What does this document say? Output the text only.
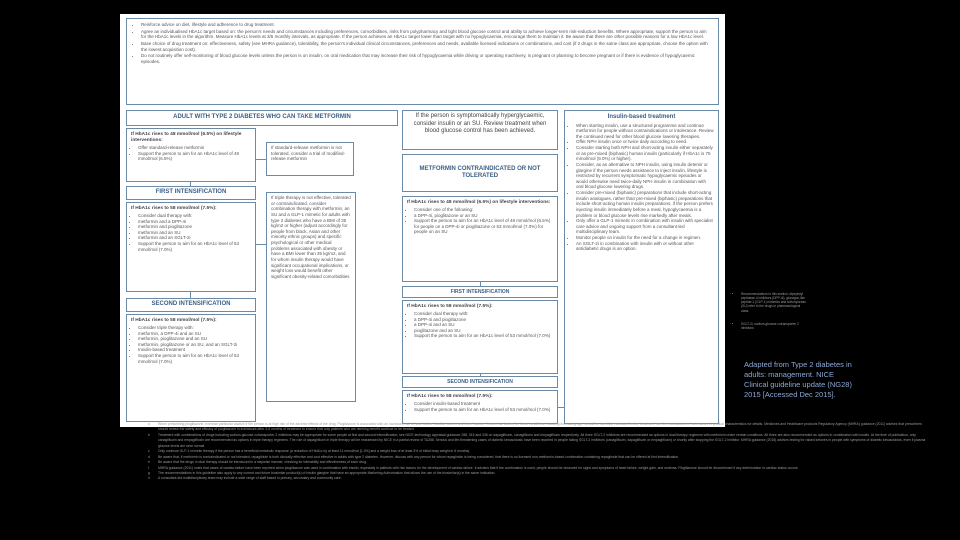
• Reinforce advice on diet, lifestyle and adherence to drug treatment.
• Agree an individualised HbA1c target based on: the person's needs and circumstances including preferences, comorbidities, risks from polypharmacy and tight blood glucose control and ability to achieve longer-term risk-reduction benefits. Where appropriate, support the person to aim for the HbA1c levels in the algorithm. Measure HbA1c levels at 3/6 monthly intervals, as appropriate. If the person achieves an HbA1c target lower than target with no hypoglycaemia, encourage them to maintain it. Be aware that there are other possible reasons for a low HbA1c level.
• Base choice of drug treatment on: effectiveness, safety (see MHRA guidance), tolerability, the person's individual clinical circumstances, preferences and needs, available licensed indications or combinations, and cost (if 2 drugs in the same class are appropriate, choose the option with the lowest acquisition cost).
• Do not routinely offer self-monitoring of blood glucose levels unless the person is on insulin, on oral medication that may increase their risk of hypoglycaemia while driving or operating machinery, is pregnant or planning to become pregnant or if there is evidence of hypoglycaemic episodes.
ADULT WITH TYPE 2 DIABETES WHO CAN TAKE METFORMIN
If HbA1c rises to 48 mmol/mol (6.5%) on lifestyle interventions:
• Offer standard-release metformin
• Support the person to aim for an HbA1c level of 48 mmol/mol (6.5%)
If standard-release metformin is not tolerated, consider a trial of modified-release metformin
FIRST INTENSIFICATION
If HbA1c rises to 58 mmol/mol (7.5%):
• Consider dual therapy with:
• metformin and a DPP-4i
• metformin and pioglitazone
• metformin and an SU
• metformin and an SGLT-2i
• Support the person to aim for an HbA1c level of 53 mmol/mol (7.0%)
If triple therapy is not effective, tolerated or contraindicated, consider combination therapy with metformin, an SU and a GLP-1 mimetic for adults with type 2 diabetes who have a BMI of 35 kg/m2 or higher (adjust accordingly for people from black, Asian and other minority ethnic groups) and specific psychological or other medical problems associated with obesity or have a BMI lower than 35 kg/m2, and for whom insulin therapy would have significant occupational implications, or weight loss would benefit other significant obesity-related comorbidities
SECOND INTENSIFICATION
If HbA1c rises to 58 mmol/mol (7.5%):
• Consider triple therapy with:
• metformin, a DPP-4i and an SU
• metformin, pioglitazone and an SU
• metformin, pioglitazone or an SU, and an SGLT-2i
• Insulin-based treatment
• Support the person to aim for an HbA1c level of 53 mmol/mol (7.0%)
If the person is symptomatically hyperglycaemic, consider insulin or an SU. Review treatment when blood glucose control has been achieved.
METFORMIN CONTRAINDICATED OR NOT TOLERATED
If HbA1c rises to 48 mmol/mol (6.5%) on lifestyle interventions:
• Consider one of the following:
• a DPP-4i, pioglitazone or an SU
• Support the person to aim for an HbA1c level of 48 mmol/mol (6.5%) for people on a DPP-4i or pioglitazone or 53 mmol/mol (7.0%) for people on an SU
FIRST INTENSIFICATION
If HbA1c rises to 58 mmol/mol (7.5%):
• Consider dual therapy with:
• a DPP-4i and pioglitazone
• a DPP-4i and an SU
• pioglitazone and an SU
• Support the person to aim for an HbA1c level of 53 mmol/mol (7.0%)
SECOND INTENSIFICATION
If HbA1c rises to 58 mmol/mol (7.5%):
• Consider insulin-based treatment
• Support the person to aim for an HbA1c level of 53 mmol/mol (7.0%)
Insulin-based treatment
• When starting insulin, use a structured programme and continue metformin for people without contraindications or intolerance. Review the continued need for other blood glucose lowering therapies.
• Offer NPH insulin once or twice daily according to need.
• Consider starting both NPH and short-acting insulin either separately or as pre-mixed (biphasic) human insulin (particularly if HbA1c is 75 mmol/mol (9.0%) or higher).
• Consider, as an alternative to NPH insulin, using insulin detemir or glargine if the person needs assistance to inject insulin, lifestyle is restricted by recurrent symptomatic hypoglycaemic episodes or would otherwise need twice-daily NPH insulin in combination with oral blood glucose lowering drugs.
• Consider pre-mixed (biphasic) preparations that include short-acting insulin analogues, rather than pre-mixed (biphasic) preparations that include short-acting human insulin preparations, if the person prefers injecting insulin immediately before a meal, hypoglycaemia is a problem or blood glucose levels rise markedly after meals.
• Only offer a GLP-1 mimetic in combination with insulin with specialist care advice and ongoing support from a consultant-led multidisciplinary team.
• Monitor people on insulin for the need for a change in regimen.
• An SGLT-2i in combination with insulin with or without other antidiabetic drugs is an option.
• Recommendations in this section: dipeptidyl peptidase-4 inhibitors (DPP-4i), glucagon-like peptide-1 (GLP-1) mimetics and sulfonylureas (SU) refer to the drugs in pharmacological class.
• SGLT-2i, sodium-glucose cotransporter 2 inhibitors
Adapted from Type 2 diabetes in adults: management. NICE Clinical guideline update (NG28) 2015 [Accessed Dec 2015].
a	When prescribing pioglitazone, exercise particular caution if the person is at high risk of the adverse effects of the drug. Pioglitazone is associated with an increased risk of heart failure, bladder cancer and bone fracture. Known risk factors for these conditions, including increasing age, should be carefully evaluated before treatment: see the manufacturers' summaries of product characteristics for details. Medicines and Healthcare products Regulatory Agency (MHRA) guidance (2011) advises that prescribers should review the safety and efficacy of pioglitazone in individuals after 3-6 months of treatment to ensure that only patients who are deriving benefit continue to be treated.
b	Treatment with combinations of drugs including sodium-glucose cotransporter 2 inhibitors may be appropriate for some people at first and second intensification; see NICE technology appraisal guidance 288, 315 and 336 on dapagliflozin, canagliflozin and empagliflozin respectively. All three SGLT-2 inhibitors are recommended as options in dual therapy regimens with metformin under certain conditions. All three are also recommended as options in combination with insulin. At the time of publication, only canagliflozin and empagliflozin are recommended as options in triple therapy regimens. The role of dapagliflozin in triple therapy will be reassessed by NICE in a partial review of TA288. Serious and life-threatening cases of diabetic ketoacidosis have been reported in people taking SGLT-2 inhibitors (canagliflozin, dapagliflozin or empagliflozin) or shortly after stopping the SGLT-2 inhibitor. MHRA guidance (2015) advises testing for raised ketones in people with symptoms of diabetic ketoacidosis, even if plasma glucose levels are near normal.
c	Only continue GLP-1 mimetic therapy if the person has a beneficial metabolic response (a reduction of HbA1c by at least 11 mmol/mol [1.0%] and a weight loss of at least 3% of initial body weight in 6 months).
d	Be aware that, if metformin is contraindicated or not tolerated, repaglinide is both clinically effective and cost effective in adults with type 2 diabetes. However, discuss with any person for whom repaglinide is being considered, that there is no licensed non-metformin-based combination containing repaglinide that can be offered at first intensification.
e	Be aware that the drugs in dual therapy should be introduced in a stepwise manner, checking for tolerability and effectiveness of each drug.
f	MHRA guidance (2011) notes that cases of cardiac failure have been reported when pioglitazone was used in combination with insulin, especially in patients with risk factors for the development of cardiac failure. It advises that if the combination is used, people should be observed for signs and symptoms of heart failure, weight gain, and oedema. Pioglitazone should be discontinued if any deterioration in cardiac status occurs.
g	The recommendations in this guideline also apply to any current and future biosimilar product(s) of insulin glargine that have an appropriate Marketing Authorisation that allows the use of the biosimilar(s) in the same indication.
h	A consultant-led multidisciplinary team may include a wide range of staff based in primary, secondary and community care.
